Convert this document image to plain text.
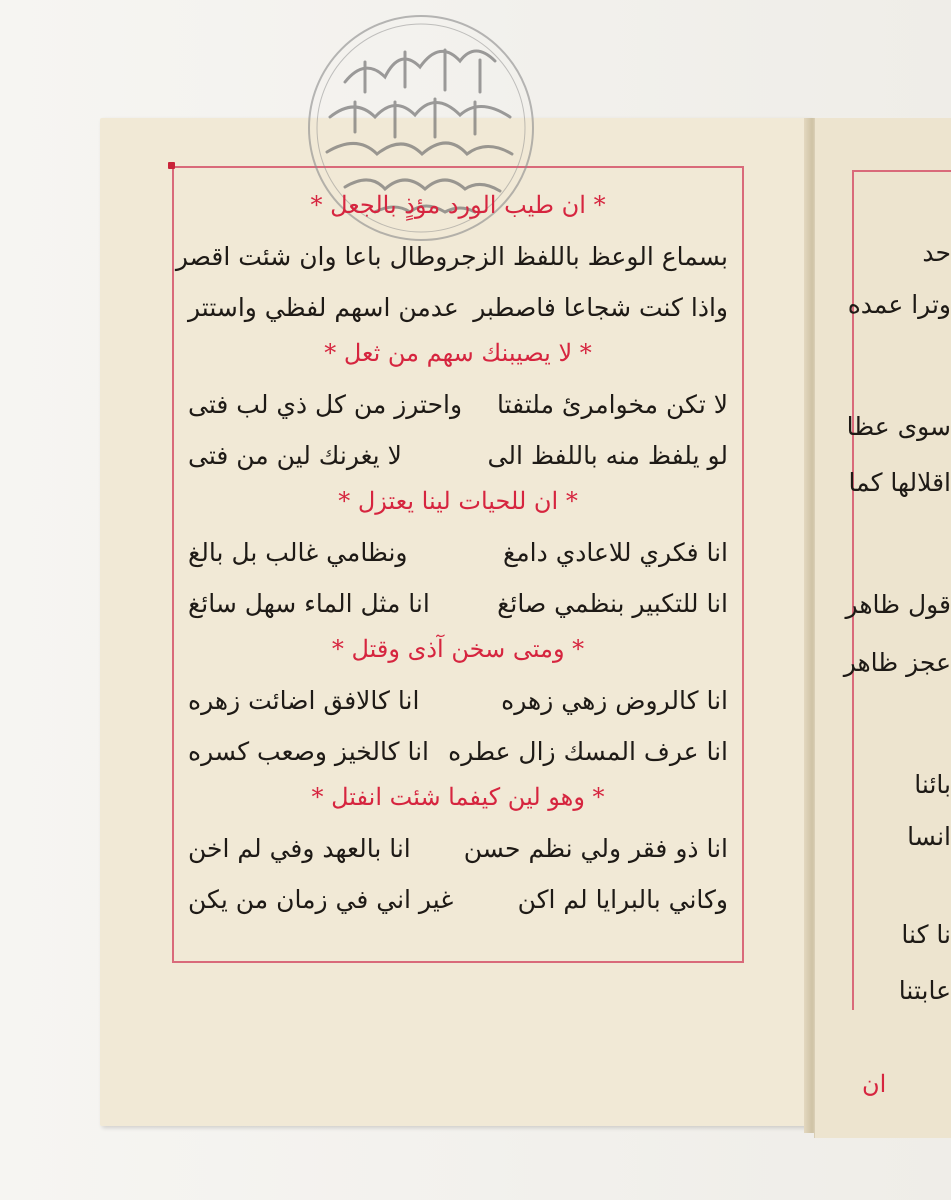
* ان طيب الورد مؤذٍ بالجعل *
بسماع الوعظ باللفظ الزجر
وطال باعا وان شئت اقصر
واذا كنت شجاعا فاصطبر
عدمن اسهم لفظي واستتر
* لا يصيبنك سهم من ثعل *
لا تكن مخوامرئ ملتفتا
واحترز من كل ذي لب فتى
لو يلفظ منه باللفظ الى
لا يغرنك لين من فتى
* ان للحيات لينا يعتزل *
انا فكري للاعادي دامغ
ونظامي غالب بل بالغ
انا للتكبير بنظمي صائغ
انا مثل الماء سهل سائغ
* ومتى سخن آذى وقتل *
انا كالروض زهي زهره
انا كالافق اضائت زهره
انا عرف المسك زال عطره
انا كالخيز وصعب كسره
* وهو لين كيفما شئت انفتل *
انا ذو فقر ولي نظم حسن
انا بالعهد وفي لم اخن
وكاني بالبرايا لم اكن
غير اني في زمان من يكن
حد
وترا عمده
سوى عظا
اقلالها كما
قول ظاهر
عجز ظاهر
بائنا
انسا
نا كنا
عابتنا
ان
